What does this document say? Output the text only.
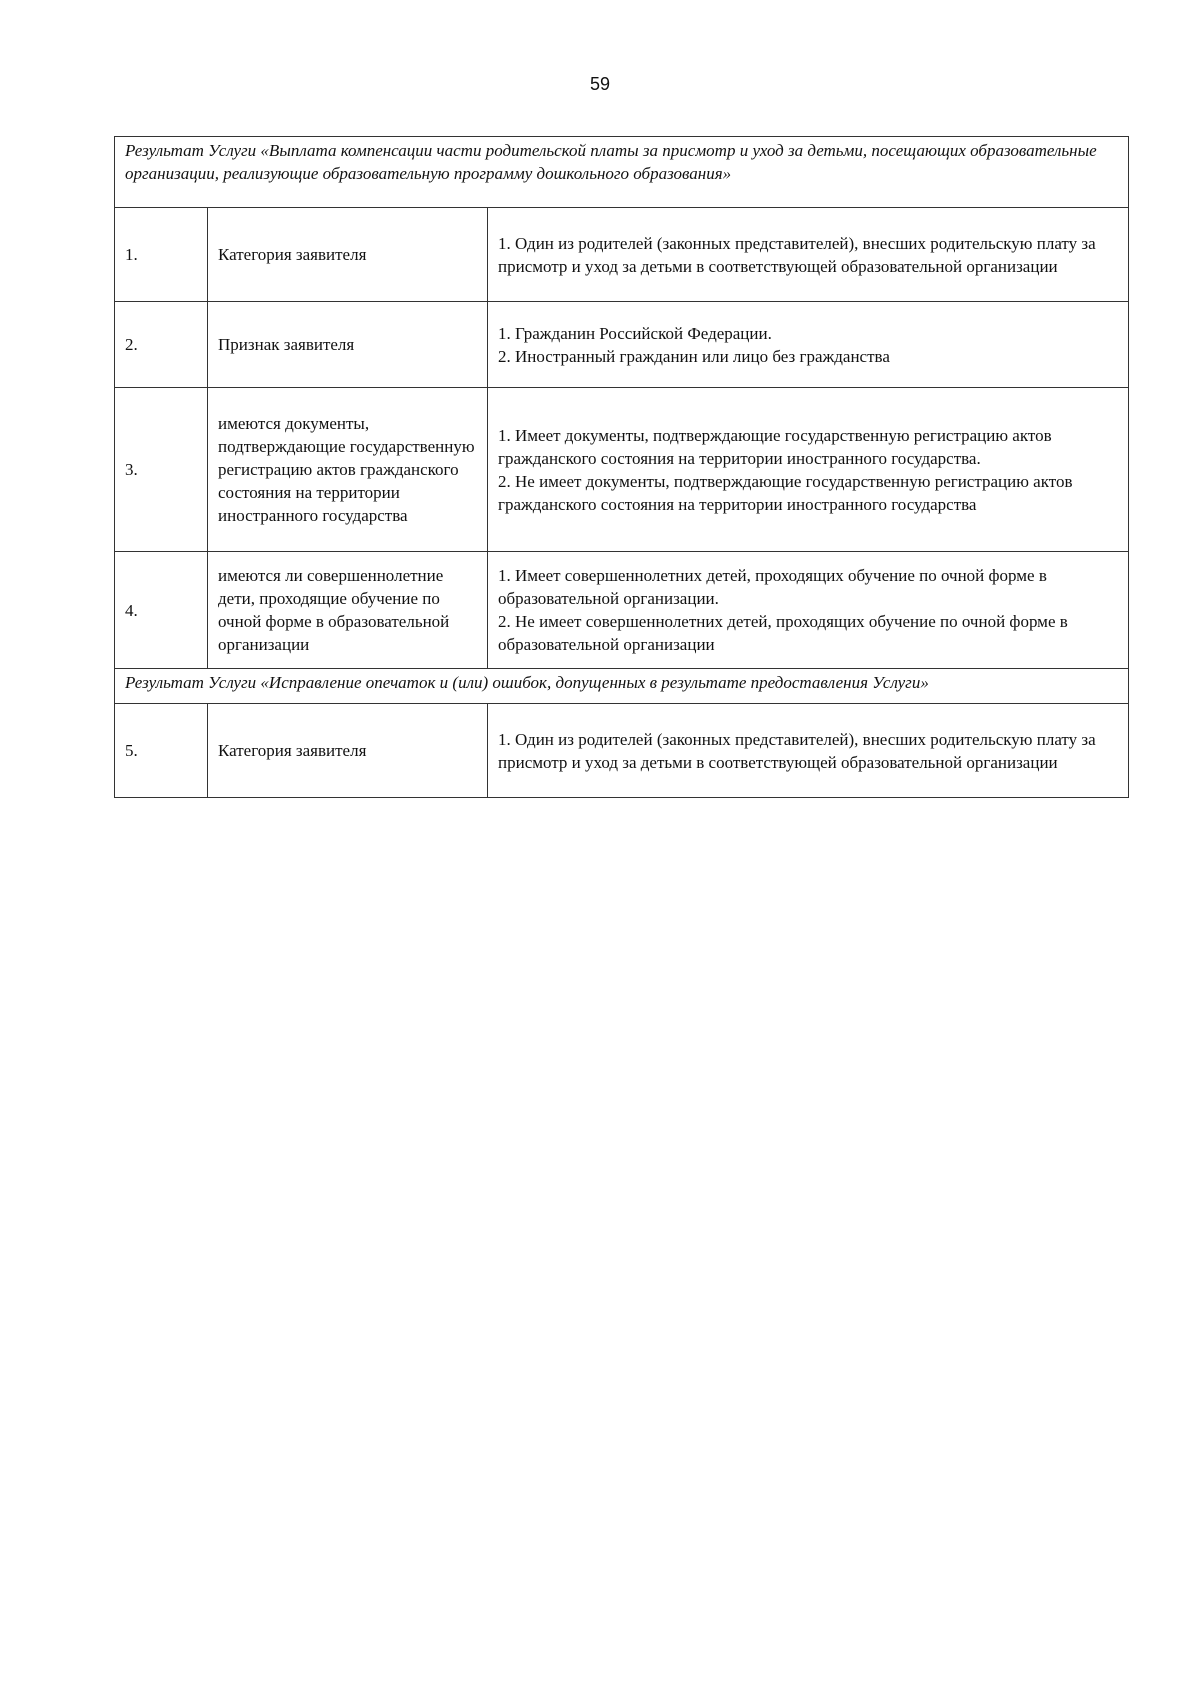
59
Результат Услуги «Выплата компенсации части родительской платы за присмотр и уход за детьми, посещающих образовательные организации, реализующие образовательную программу дошкольного образования»		
1.	Категория заявителя	1. Один из родителей (законных представителей), внесших родительскую плату за присмотр и уход за детьми в соответствующей образовательной организации
2.	Признак заявителя	1. Гражданин Российской Федерации.
2. Иностранный гражданин или лицо без гражданства
3.	имеются документы, подтверждающие государственную регистрацию актов гражданского состояния на территории иностранного государства	1. Имеет документы, подтверждающие государственную регистрацию актов гражданского состояния на территории иностранного государства.
2. Не имеет документы, подтверждающие государственную регистрацию актов гражданского состояния на территории иностранного государства
4.	имеются ли совершеннолетние дети, проходящие обучение по очной форме в образовательной организации	1. Имеет совершеннолетних детей, проходящих обучение по очной форме в образовательной организации.
2. Не имеет совершеннолетних детей, проходящих обучение по очной форме в образовательной организации
Результат Услуги «Исправление опечаток и (или) ошибок, допущенных в результате предоставления Услуги»		
5.	Категория заявителя	1. Один из родителей (законных представителей), внесших родительскую плату за присмотр и уход за детьми в соответствующей образовательной организации
